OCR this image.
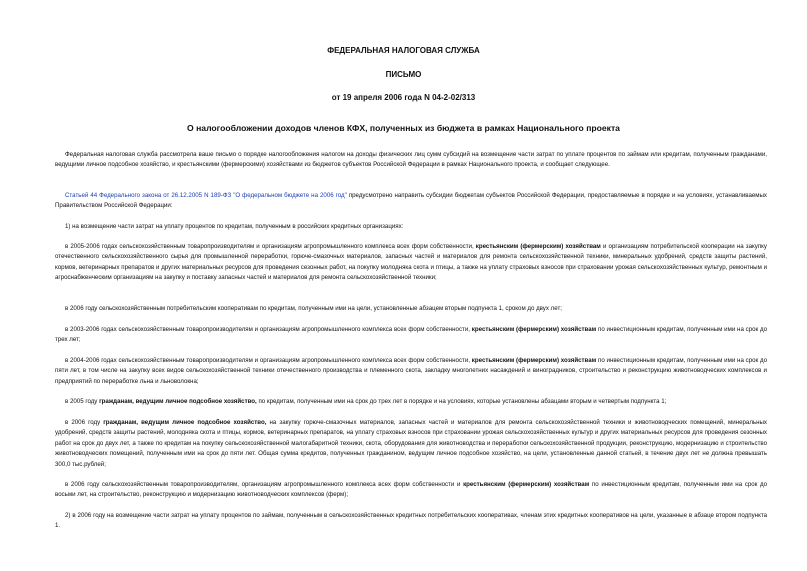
ФЕДЕРАЛЬНАЯ НАЛОГОВАЯ СЛУЖБА
ПИСЬМО
от 19 апреля 2006 года N 04-2-02/313
О налогообложении доходов членов КФХ, полученных из бюджета в рамках Национального проекта

Федеральная налоговая служба рассмотрела ваше письмо о порядке налогообложения налогом на доходы физических лиц сумм субсидий на возмещение части затрат по уплате процентов по займам или кредитам, полученным гражданами, ведущими личное подсобное хозяйство, и крестьянскими (фермерскими) хозяйствами из бюджетов субъектов Российской Федерации в рамках Национального проекта, и сообщает следующее.

Статьей 44 Федерального закона от 26.12.2005 N 189-ФЗ "О федеральном бюджете на 2006 год" предусмотрено направить субсидии бюджетам субъектов Российской Федерации, предоставляемые в порядке и на условиях, устанавливаемых Правительством Российской Федерации:

1) на возмещение части затрат на уплату процентов по кредитам, полученным в российских кредитных организациях:

в 2005-2006 годах сельскохозяйственным товаропроизводителям и организациям агропромышленного комплекса всех форм собственности, крестьянским (фермерским) хозяйствам и организациям потребительской кооперации на закупку отечественного сельскохозяйственного сырья для промышленной переработки, горюче-смазочных материалов, запасных частей и материалов для ремонта сельскохозяйственной техники, минеральных удобрений, средств защиты растений, кормов, ветеринарных препаратов и других материальных ресурсов для проведения сезонных работ, на покупку молодняка скота и птицы, а также на уплату страховых взносов при страховании урожая сельскохозяйственных культур, ремонтным и агроснабженческим организациям на закупку и поставку запасных частей и материалов для ремонта сельскохозяйственной техники;

в 2006 году сельскохозяйственным потребительским кооперативам по кредитам, полученным ими на цели, установленные абзацем вторым подпункта 1, сроком до двух лет;

в 2003-2006 годах сельскохозяйственным товаропроизводителям и организациям агропромышленного комплекса всех форм собственности, крестьянским (фермерским) хозяйствам по инвестиционным кредитам, полученным ими на срок до трех лет;

в 2004-2006 годах сельскохозяйственным товаропроизводителям и организациям агропромышленного комплекса всех форм собственности, крестьянским (фермерским) хозяйствам по инвестиционным кредитам, полученным ими на срок до пяти лет, в том числе на закупку всех видов сельскохозяйственной техники отечественного производства и племенного скота, закладку многолетних насаждений и виноградников, строительство и реконструкцию животноводческих комплексов и предприятий по переработке льна и льноволокна;

в 2005 году гражданам, ведущим личное подсобное хозяйство, по кредитам, полученным ими на срок до трех лет в порядке и на условиях, которые установлены абзацами вторым и четвертым подпункта 1;

в 2006 году гражданам, ведущим личное подсобное хозяйство, на закупку горюче-смазочных материалов, запасных частей и материалов для ремонта сельскохозяйственной техники и животноводческих помещений, минеральных удобрений, средств защиты растений, молодняка скота и птицы, кормов, ветеринарных препаратов, на уплату страховых взносов при страховании урожая сельскохозяйственных культур и других материальных ресурсов для проведения сезонных работ на срок до двух лет, а также по кредитам на покупку сельскохозяйственной малогабаритной техники, скота, оборудования для животноводства и переработки сельскохозяйственной продукции, реконструкцию, модернизацию и строительство животноводческих помещений, полученным ими на срок до пяти лет. Общая сумма кредитов, полученных гражданином, ведущим личное подсобное хозяйство, на цели, установленные данной статьей, в течение двух лет не должна превышать 300,0 тыс.рублей;

в 2006 году сельскохозяйственным товаропроизводителям, организациям агропромышленного комплекса всех форм собственности и крестьянским (фермерским) хозяйствам по инвестиционным кредитам, полученным ими на срок до восьми лет, на строительство, реконструкцию и модернизацию животноводческих комплексов (ферм);

2) в 2006 году на возмещение части затрат на уплату процентов по займам, полученным в сельскохозяйственных кредитных потребительских кооперативах, членам этих кредитных кооперативов на цели, указанные в абзаце втором подпункта 1.
